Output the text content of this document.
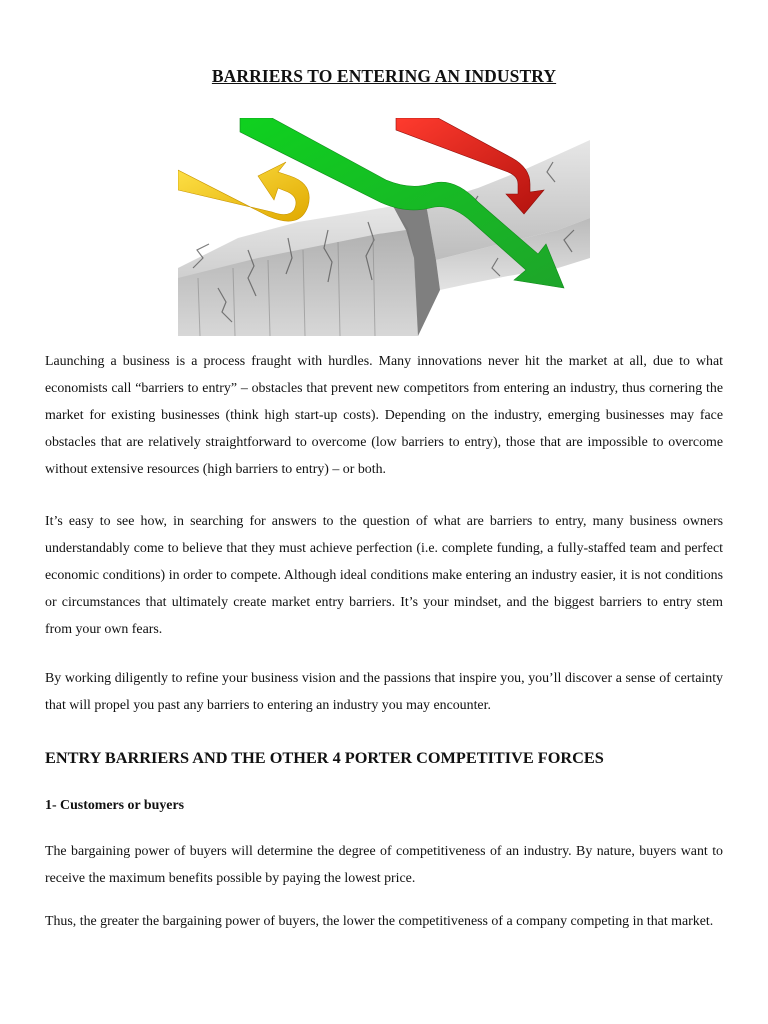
BARRIERS TO ENTERING AN INDUSTRY

Launching a business is a process fraught with hurdles. Many innovations never hit the market at all, due to what economists call “barriers to entry” – obstacles that prevent new competitors from entering an industry, thus cornering the market for existing businesses (think high start-up costs). Depending on the industry, emerging businesses may face obstacles that are relatively straightforward to overcome (low barriers to entry), those that are impossible to overcome without extensive resources (high barriers to entry) – or both.

It’s easy to see how, in searching for answers to the question of what are barriers to entry, many business owners understandably come to believe that they must achieve perfection (i.e. complete funding, a fully-staffed team and perfect economic conditions) in order to compete. Although ideal conditions make entering an industry easier, it is not conditions or circumstances that ultimately create market entry barriers. It’s your mindset, and the biggest barriers to entry stem from your own fears.

By working diligently to refine your business vision and the passions that inspire you, you’ll discover a sense of certainty that will propel you past any barriers to entering an industry you may encounter.

ENTRY BARRIERS AND THE OTHER 4 PORTER COMPETITIVE FORCES
1- Customers or buyers

The bargaining power of buyers will determine the degree of competitiveness of an industry. By nature, buyers want to receive the maximum benefits possible by paying the lowest price.

Thus, the greater the bargaining power of buyers, the lower the competitiveness of a company competing in that market.
